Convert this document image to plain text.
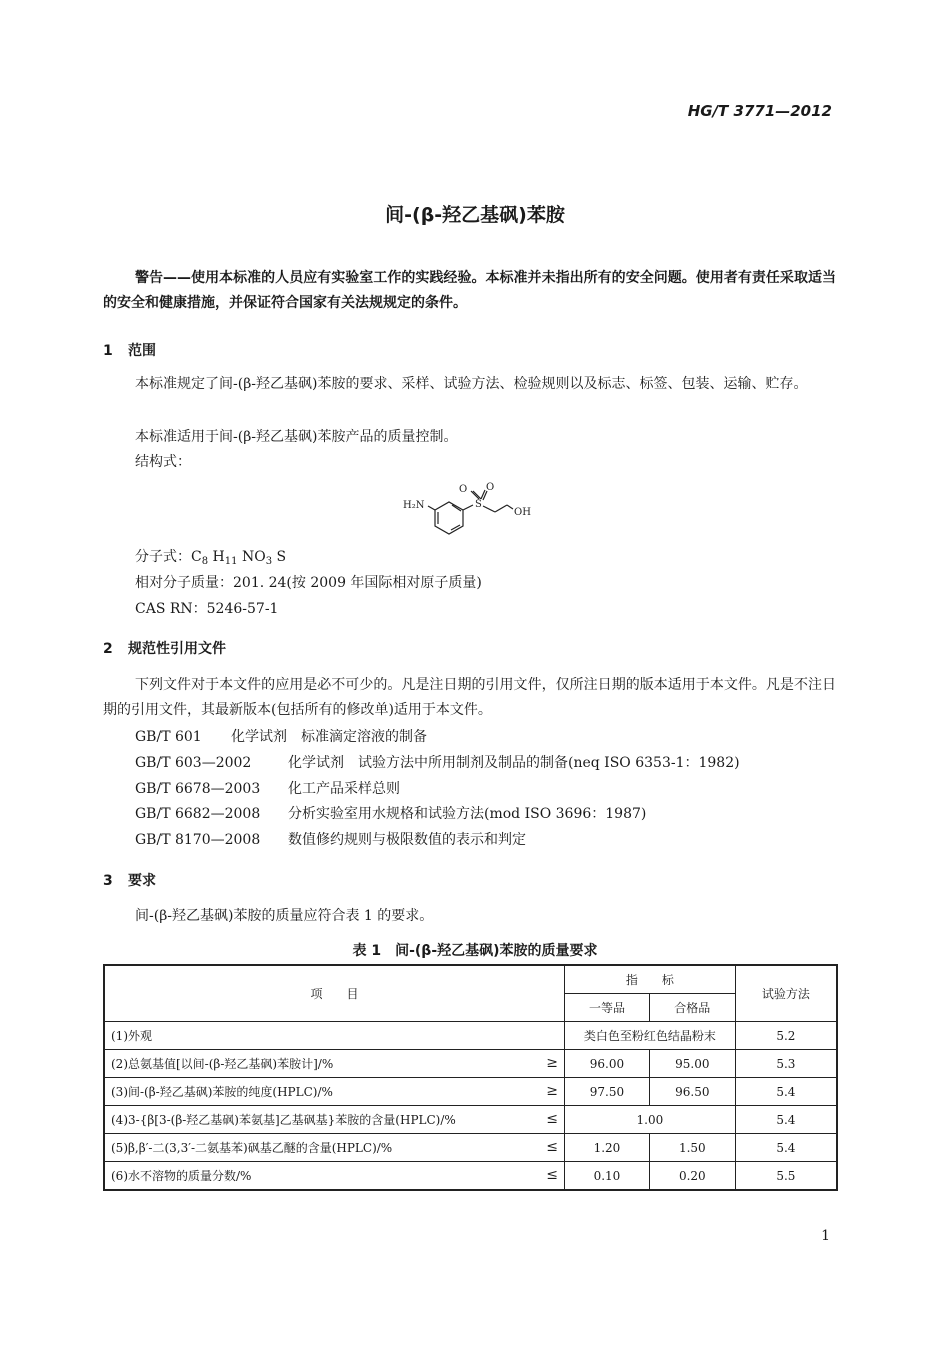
HG/T 3771—2012
间-(β-羟乙基砜)苯胺
警告——使用本标准的人员应有实验室工作的实践经验。本标准并未指出所有的安全问题。使用者有责任采取适当的安全和健康措施，并保证符合国家有关法规规定的条件。
1 范围
本标准规定了间-(β-羟乙基砜)苯胺的要求、采样、试验方法、检验规则以及标志、标签、包装、运输、贮存。
本标准适用于间-(β-羟乙基砜)苯胺产品的质量控制。
结构式：
H₂N	S
O O
OH
分子式：$C_8$ $H_{11}$ $NO_3$ S
相对分子质量：201. 24(按 2009 年国际相对原子质量)
CAS RN：5246-57-1
2 规范性引用文件
下列文件对于本文件的应用是必不可少的。凡是注日期的引用文件，仅所注日期的版本适用于本文件。凡是不注日期的引用文件，其最新版本(包括所有的修改单)适用于本文件。
GB/T 601 化学试剂　标准滴定溶液的制备
GB/T 603—2002	化学试剂　试验方法中所用制剂及制品的制备(neq ISO 6353-1：1982)
GB/T 6678—2003 化工产品采样总则
GB/T 6682—2008 分析实验室用水规格和试验方法(mod ISO 3696：1987)
GB/T 8170—2008 数值修约规则与极限数值的表示和判定
3 要求
间-(β-羟乙基砜)苯胺的质量应符合表 1 的要求。
表 1　间-(β-羟乙基砜)苯胺的质量要求
项　　目	指　　标		试验方法
	一等品	合格品	
(1)外观	类白色至粉红色结晶粉末		5.2
(2)总氨基值[以间-(β-羟乙基砜)苯胺计]/% ≥	96.00	95.00	5.3
(3)间-(β-羟乙基砜)苯胺的纯度(HPLC)/% ≥	97.50	96.50	5.4
(4)3-{β[3-(β-羟乙基砜)苯氨基]乙基砜基}苯胺的含量(HPLC)/% ≤	1.00		5.4
(5)β,β′-二(3,3′-二氨基苯)砜基乙醚的含量(HPLC)/% ≤	1.20	1.50	5.4
(6)水不溶物的质量分数/% ≤	0.10	0.20	5.5
1
